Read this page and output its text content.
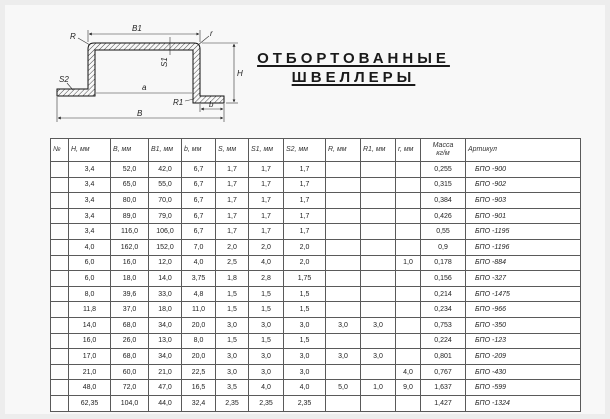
B1
R	r
S1
S2
H
a
R1	b
B
ОТБОРТОВАННЫЕ
ШВЕЛЛЕРЫ
№	H, мм	B, мм	B1, мм	b, мм	S, мм	S1, мм	S2, мм	R, мм	R1, мм	r, мм	Масса
кг/м	Артикул
	3,4	52,0	42,0	6,7	1,7	1,7	1,7				0,255	БПО -900
	3,4	65,0	55,0	6,7	1,7	1,7	1,7				0,315	БПО -902
	3,4	80,0	70,0	6,7	1,7	1,7	1,7				0,384	БПО -903
	3,4	89,0	79,0	6,7	1,7	1,7	1,7				0,426	БПО -901
	3,4	116,0	106,0	6,7	1,7	1,7	1,7				0,55	БПО -1195
	4,0	162,0	152,0	7,0	2,0	2,0	2,0				0,9	БПО -1196
	6,0	16,0	12,0	4,0	2,5	4,0	2,0			1,0	0,178	БПО -884
	6,0	18,0	14,0	3,75	1,8	2,8	1,75				0,156	БПО -327
	8,0	39,6	33,0	4,8	1,5	1,5	1,5				0,214	БПО -1475
	11,8	37,0	18,0	11,0	1,5	1,5	1,5				0,234	БПО -966
	14,0	68,0	34,0	20,0	3,0	3,0	3,0	3,0	3,0		0,753	БПО -350
	16,0	26,0	13,0	8,0	1,5	1,5	1,5				0,224	БПО -123
	17,0	68,0	34,0	20,0	3,0	3,0	3,0	3,0	3,0		0,801	БПО -209
	21,0	60,0	21,0	22,5	3,0	3,0	3,0			4,0	0,767	БПО -430
	48,0	72,0	47,0	16,5	3,5	4,0	4,0	5,0	1,0	9,0	1,637	БПО -599
	62,35	104,0	44,0	32,4	2,35	2,35	2,35				1,427	БПО -1324
